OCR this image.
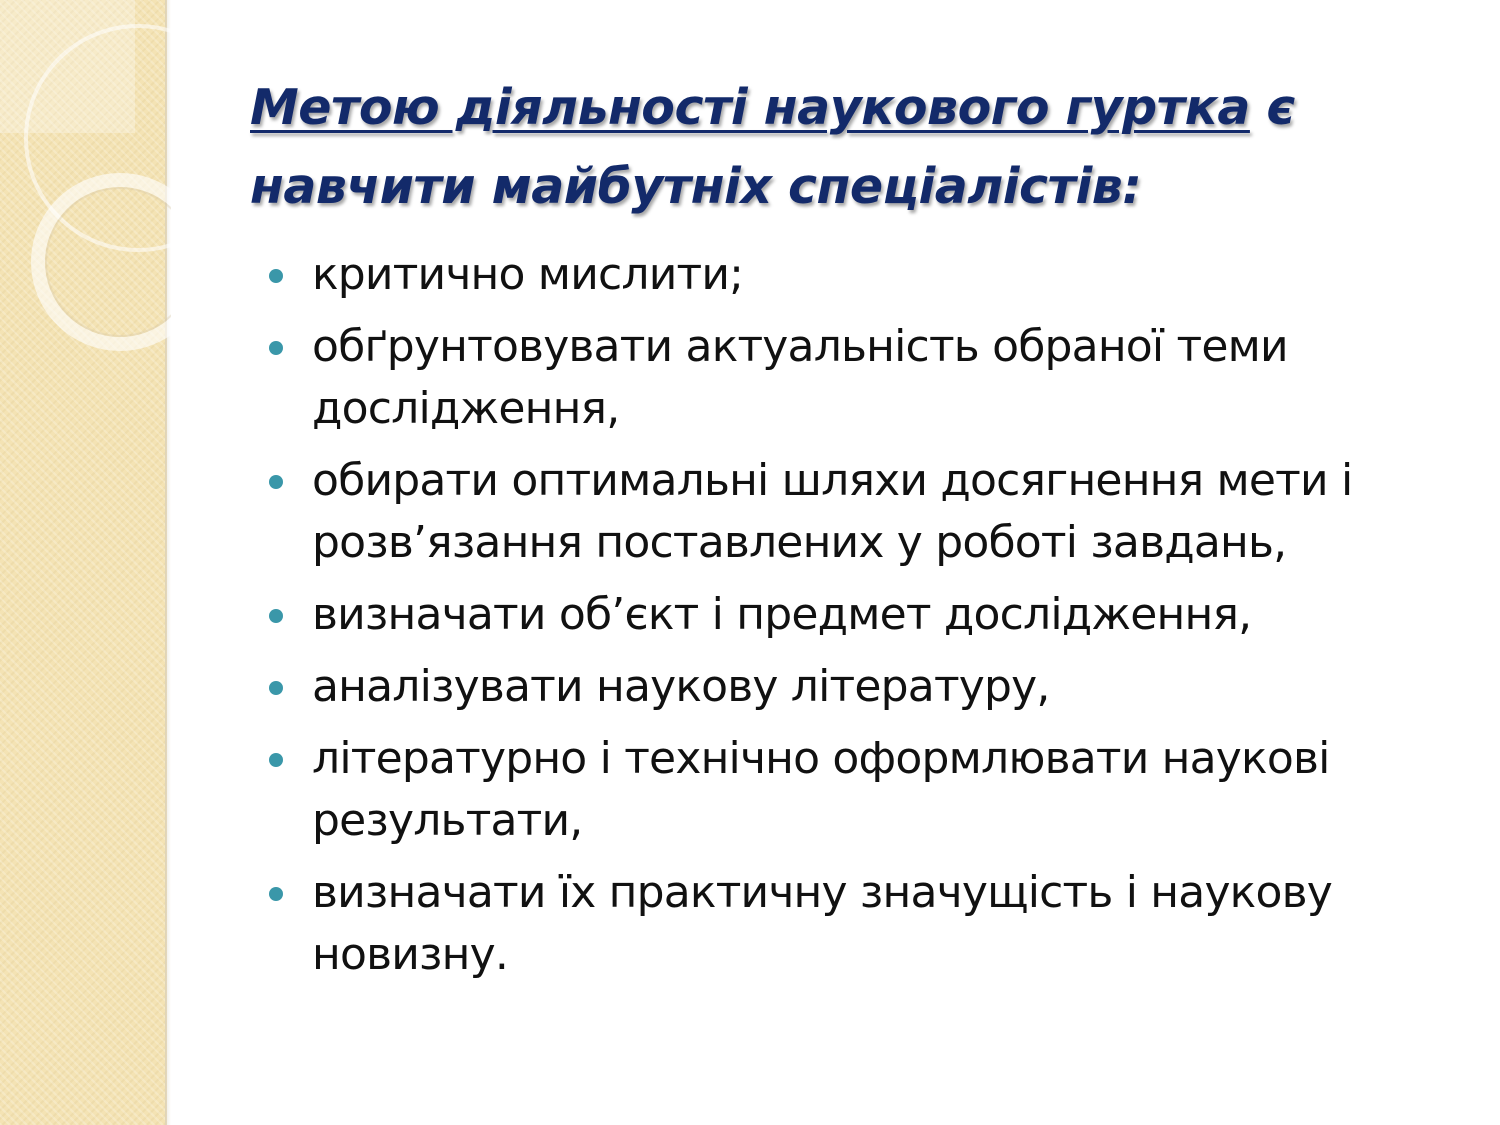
Метою діяльності наукового гуртка є навчити майбутніх спеціалістів:
критично мислити;
обґрунтовувати актуальність обраної теми дослідження,
обирати оптимальні шляхи досягнення мети і розв’язання поставлених у роботі завдань,
визначати об’єкт і предмет дослідження,
аналізувати наукову літературу,
літературно і технічно оформлювати наукові результати,
визначати їх практичну значущість і наукову новизну.
